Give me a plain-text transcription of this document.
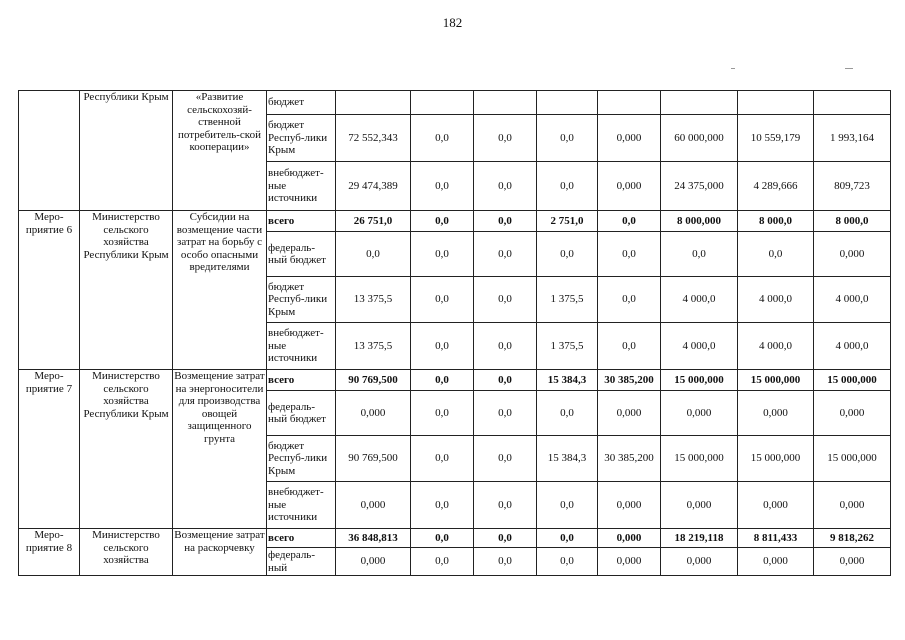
182
	Республики Крым	«Развитие сельскохозяй-ственной потребитель-ской кооперации»	бюджет								
			бюджет Респуб-лики Крым	72 552,343	0,0	0,0	0,0	0,000	60 000,000	10 559,179	1 993,164
			внебюджет-ные источники	29 474,389	0,0	0,0	0,0	0,000	24 375,000	4 289,666	809,723
Меро-приятие 6	Министерство сельского хозяйства Республики Крым	Субсидии на возмещение части затрат на борьбу с особо опасными вредителями	всего	26 751,0	0,0	0,0	2 751,0	0,0	8 000,000	8 000,0	8 000,0
			федераль-ный бюджет	0,0	0,0	0,0	0,0	0,0	0,0	0,0	0,000
			бюджет Респуб-лики Крым	13 375,5	0,0	0,0	1 375,5	0,0	4 000,0	4 000,0	4 000,0
			внебюджет-ные источники	13 375,5	0,0	0,0	1 375,5	0,0	4 000,0	4 000,0	4 000,0
Меро-приятие 7	Министерство сельского хозяйства Республики Крым	Возмещение затрат на энергоносители для производства овощей защищенного грунта	всего	90 769,500	0,0	0,0	15 384,3	30 385,200	15 000,000	15 000,000	15 000,000
			федераль-ный бюджет	0,000	0,0	0,0	0,0	0,000	0,000	0,000	0,000
			бюджет Респуб-лики Крым	90 769,500	0,0	0,0	15 384,3	30 385,200	15 000,000	15 000,000	15 000,000
			внебюджет-ные источники	0,000	0,0	0,0	0,0	0,000	0,000	0,000	0,000
Меро-приятие 8	Министерство сельского хозяйства	Возмещение затрат на раскорчевку	всего	36 848,813	0,0	0,0	0,0	0,000	18 219,118	8 811,433	9 818,262
			федераль-ный	0,000	0,0	0,0	0,0	0,000	0,000	0,000	0,000
